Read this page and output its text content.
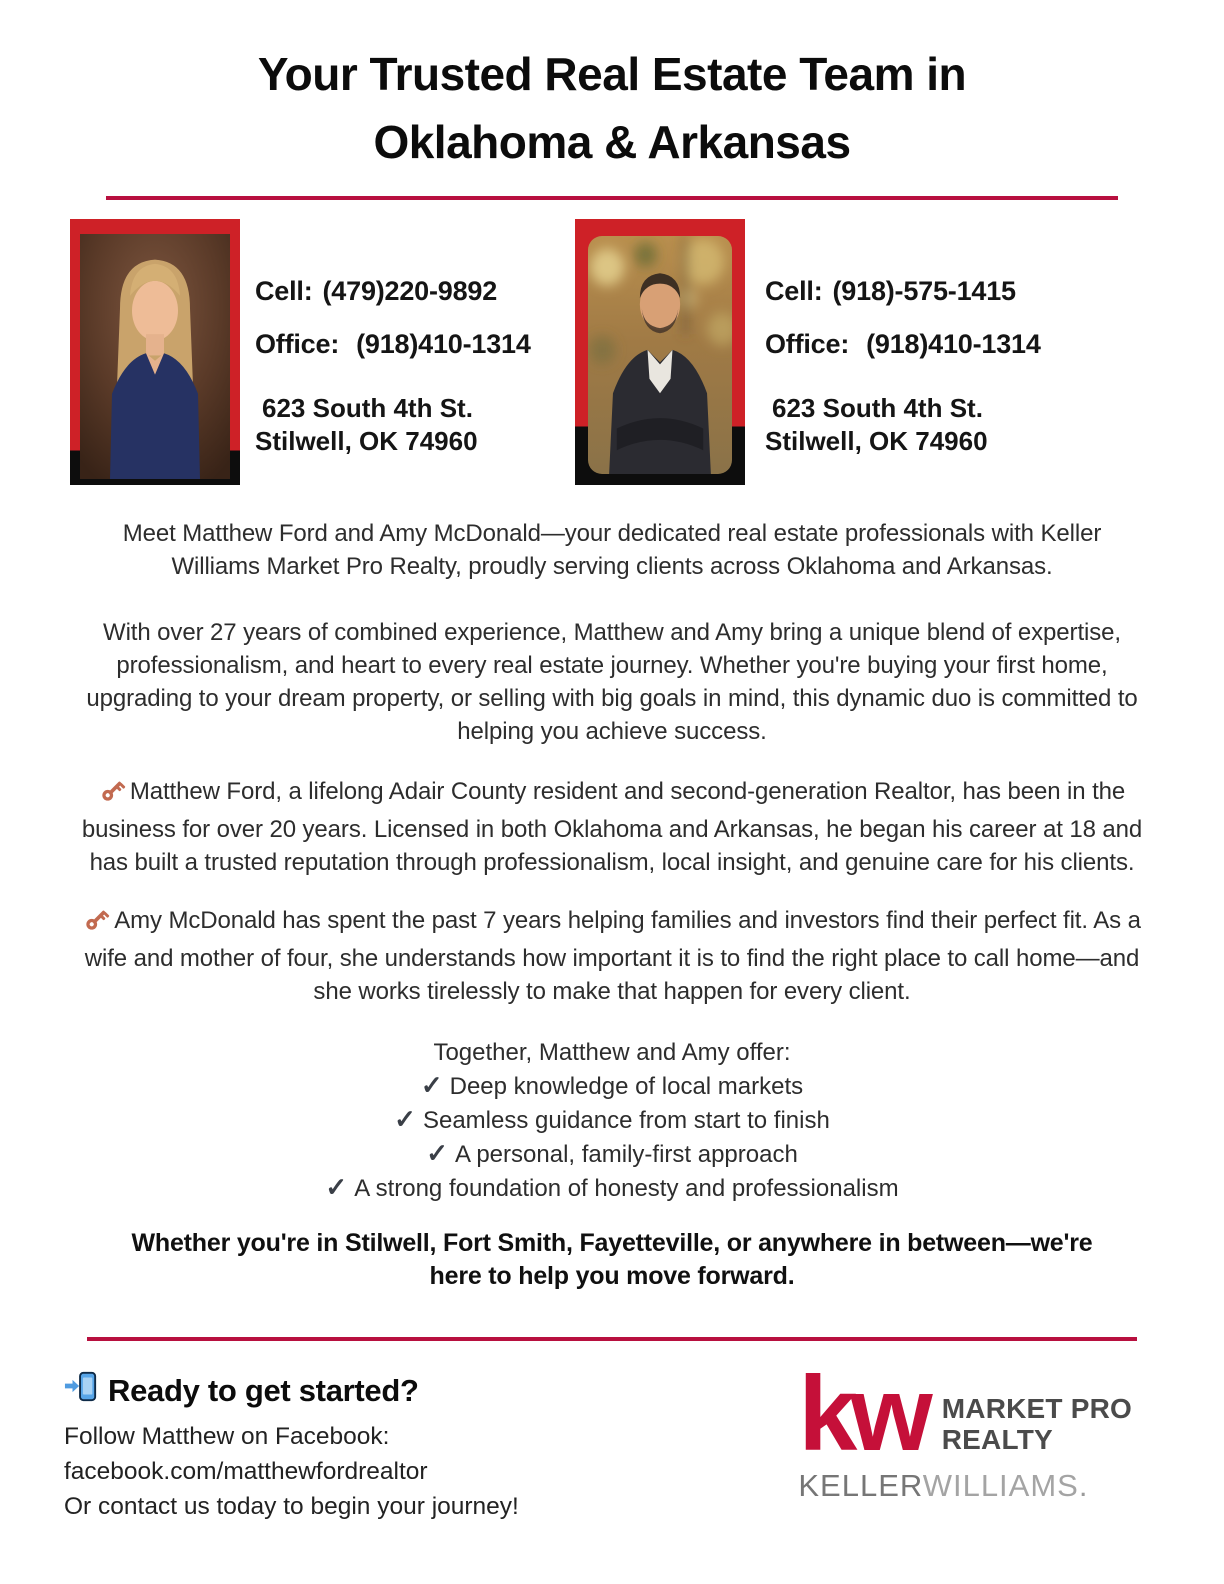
Your Trusted Real Estate Team in
Oklahoma & Arkansas
Cell: (479)220-9892
Office: (918)410-1314
623 South 4th St.
Stilwell, OK 74960
Cell: (918)-575-1415
Office: (918)410-1314
623 South 4th St.
Stilwell, OK 74960

Meet Matthew Ford and Amy McDonald—your dedicated real estate professionals with Keller Williams Market Pro Realty, proudly serving clients across Oklahoma and Arkansas.

With over 27 years of combined experience, Matthew and Amy bring a unique blend of expertise, professionalism, and heart to every real estate journey. Whether you're buying your first home, upgrading to your dream property, or selling with big goals in mind, this dynamic duo is committed to helping you achieve success.

Matthew Ford, a lifelong Adair County resident and second-generation Realtor, has been in the business for over 20 years. Licensed in both Oklahoma and Arkansas, he began his career at 18 and has built a trusted reputation through professionalism, local insight, and genuine care for his clients.

Amy McDonald has spent the past 7 years helping families and investors find their perfect fit. As a wife and mother of four, she understands how important it is to find the right place to call home—and she works tirelessly to make that happen for every client.

Together, Matthew and Amy offer:
✓ Deep knowledge of local markets
✓ Seamless guidance from start to finish
✓ A personal, family-first approach
✓ A strong foundation of honesty and professionalism

Whether you're in Stilwell, Fort Smith, Fayetteville, or anywhere in between—we're here to help you move forward.

Ready to get started?
Follow Matthew on Facebook:
facebook.com/matthewfordrealtor
Or contact us today to begin your journey!
kw MARKET PRO
REALTY
KELLERWILLIAMS.
